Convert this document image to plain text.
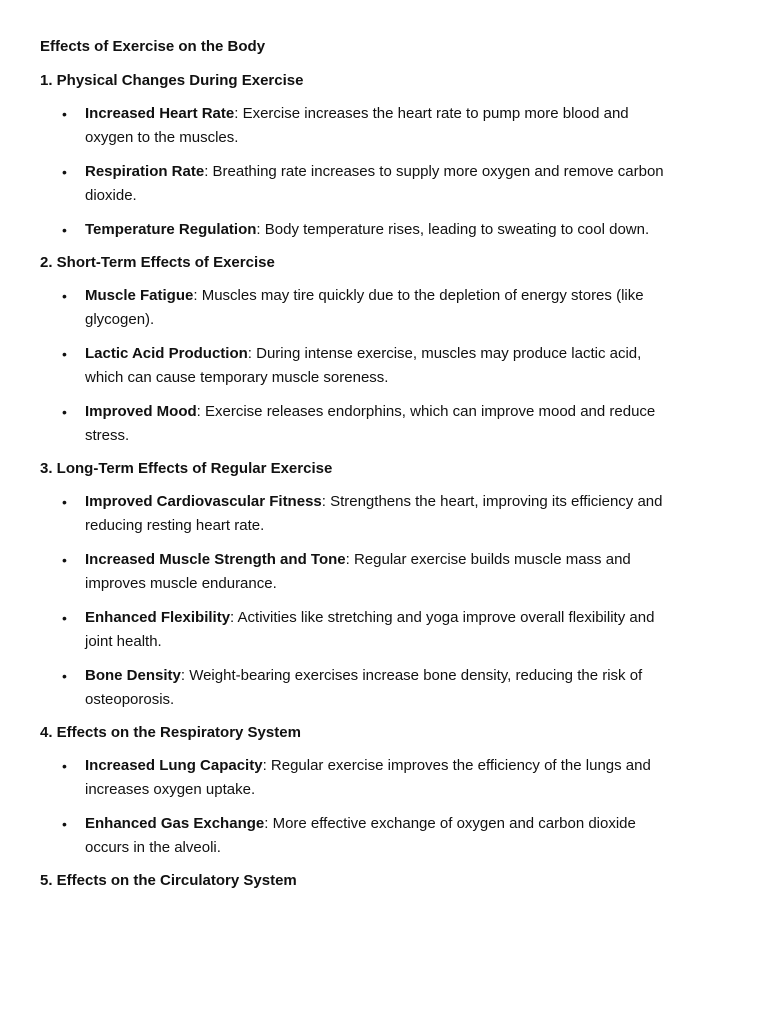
Effects of Exercise on the Body
1. Physical Changes During Exercise
• Increased Heart Rate: Exercise increases the heart rate to pump more blood and oxygen to the muscles.
• Respiration Rate: Breathing rate increases to supply more oxygen and remove carbon dioxide.
• Temperature Regulation: Body temperature rises, leading to sweating to cool down.
2. Short-Term Effects of Exercise
• Muscle Fatigue: Muscles may tire quickly due to the depletion of energy stores (like glycogen).
• Lactic Acid Production: During intense exercise, muscles may produce lactic acid, which can cause temporary muscle soreness.
• Improved Mood: Exercise releases endorphins, which can improve mood and reduce stress.
3. Long-Term Effects of Regular Exercise
• Improved Cardiovascular Fitness: Strengthens the heart, improving its efficiency and reducing resting heart rate.
• Increased Muscle Strength and Tone: Regular exercise builds muscle mass and improves muscle endurance.
• Enhanced Flexibility: Activities like stretching and yoga improve overall flexibility and joint health.
• Bone Density: Weight-bearing exercises increase bone density, reducing the risk of osteoporosis.
4. Effects on the Respiratory System
• Increased Lung Capacity: Regular exercise improves the efficiency of the lungs and increases oxygen uptake.
• Enhanced Gas Exchange: More effective exchange of oxygen and carbon dioxide occurs in the alveoli.
5. Effects on the Circulatory System
